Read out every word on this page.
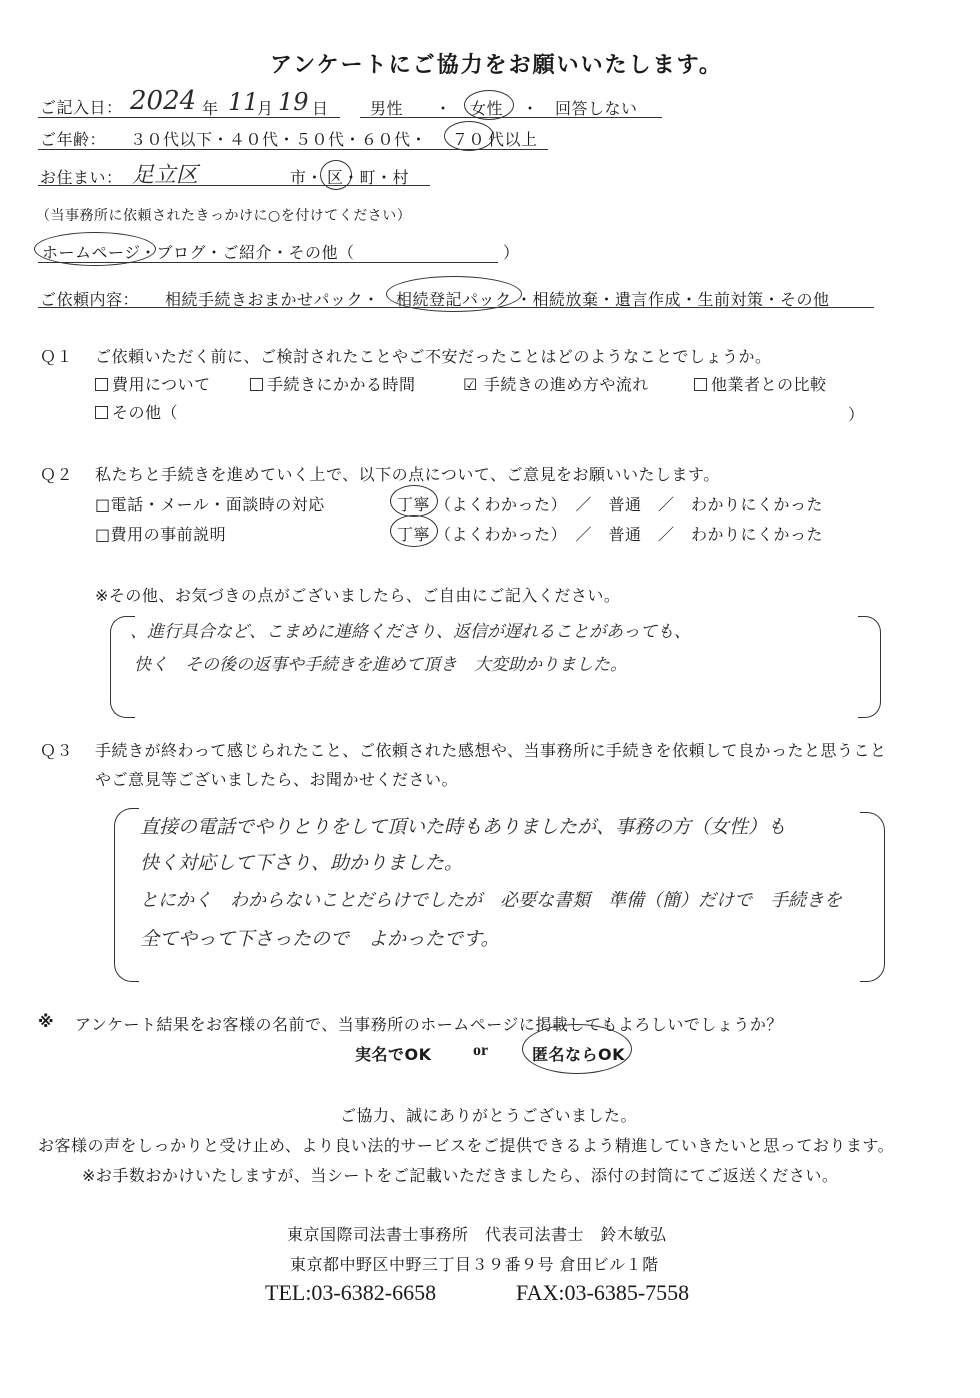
アンケートにご協力をお願いいたします。
ご記入日： 2024 年 11
月 19 日	男性 ・ 女性 ・ 回答しない
ご年齢： ３０代以下・４０代・５０代・６０代・ ７０ 代以上
お住まい： 足立区	市・ 区 ・町・村
（当事務所に依頼されたきっかけに○を付けてください）
ホームページ ・ブログ・ご紹介・その他（　　　　　　　　　）
ご依頼内容： 相続手続きおまかせパック・ 相続登記パック ・相続放棄・遺言作成・生前対策・その他
Ｑ１ ご依頼いただく前に、ご検討されたことやご不安だったことはどのようなことでしょうか。
費用について	手続きにかかる時間	☑ 手続きの進め方や流れ	他業者との比較
その他（	）
Ｑ２ 私たちと手続きを進めていく上で、以下の点について、ご意見をお願いいたします。
□電話・メール・面談時の対応	丁寧 （よくわかった）　／　普通　／　わかりにくかった
□費用の事前説明	丁寧 （よくわかった）　／　普通　／　わかりにくかった
※その他、お気づきの点がございましたら、ご自由にご記入ください。
、進行具合など、こまめに連絡くださり、返信が遅れることがあっても、
快く　その後の返事や手続きを進めて頂き　大変助かりました。
Ｑ３ 手続きが終わって感じられたこと、ご依頼された感想や、当事務所に手続きを依頼して良かったと思うこと
やご意見等ございましたら、お聞かせください。
直接の電話でやりとりをして頂いた時もありましたが、事務の方（女性）も
快く対応して下さり、助かりました。
とにかく　わからないことだらけでしたが　必要な書類　準備（簡）だけで　手続きを
全てやって下さったので　よかったです。
※ アンケート結果をお客様の名前で、当事務所のホームページに掲載してもよろしいでしょうか？
実名でOK	or	匿名ならOK
ご協力、誠にありがとうございました。
お客様の声をしっかりと受け止め、より良い法的サービスをご提供できるよう精進していきたいと思っております。
※お手数おかけいたしますが、当シートをご記載いただきましたら、添付の封筒にてご返送ください。
東京国際司法書士事務所　代表司法書士　鈴木敏弘
東京都中野区中野三丁目３９番９号 倉田ビル１階
TEL:03-6382-6658	FAX:03-6385-7558
